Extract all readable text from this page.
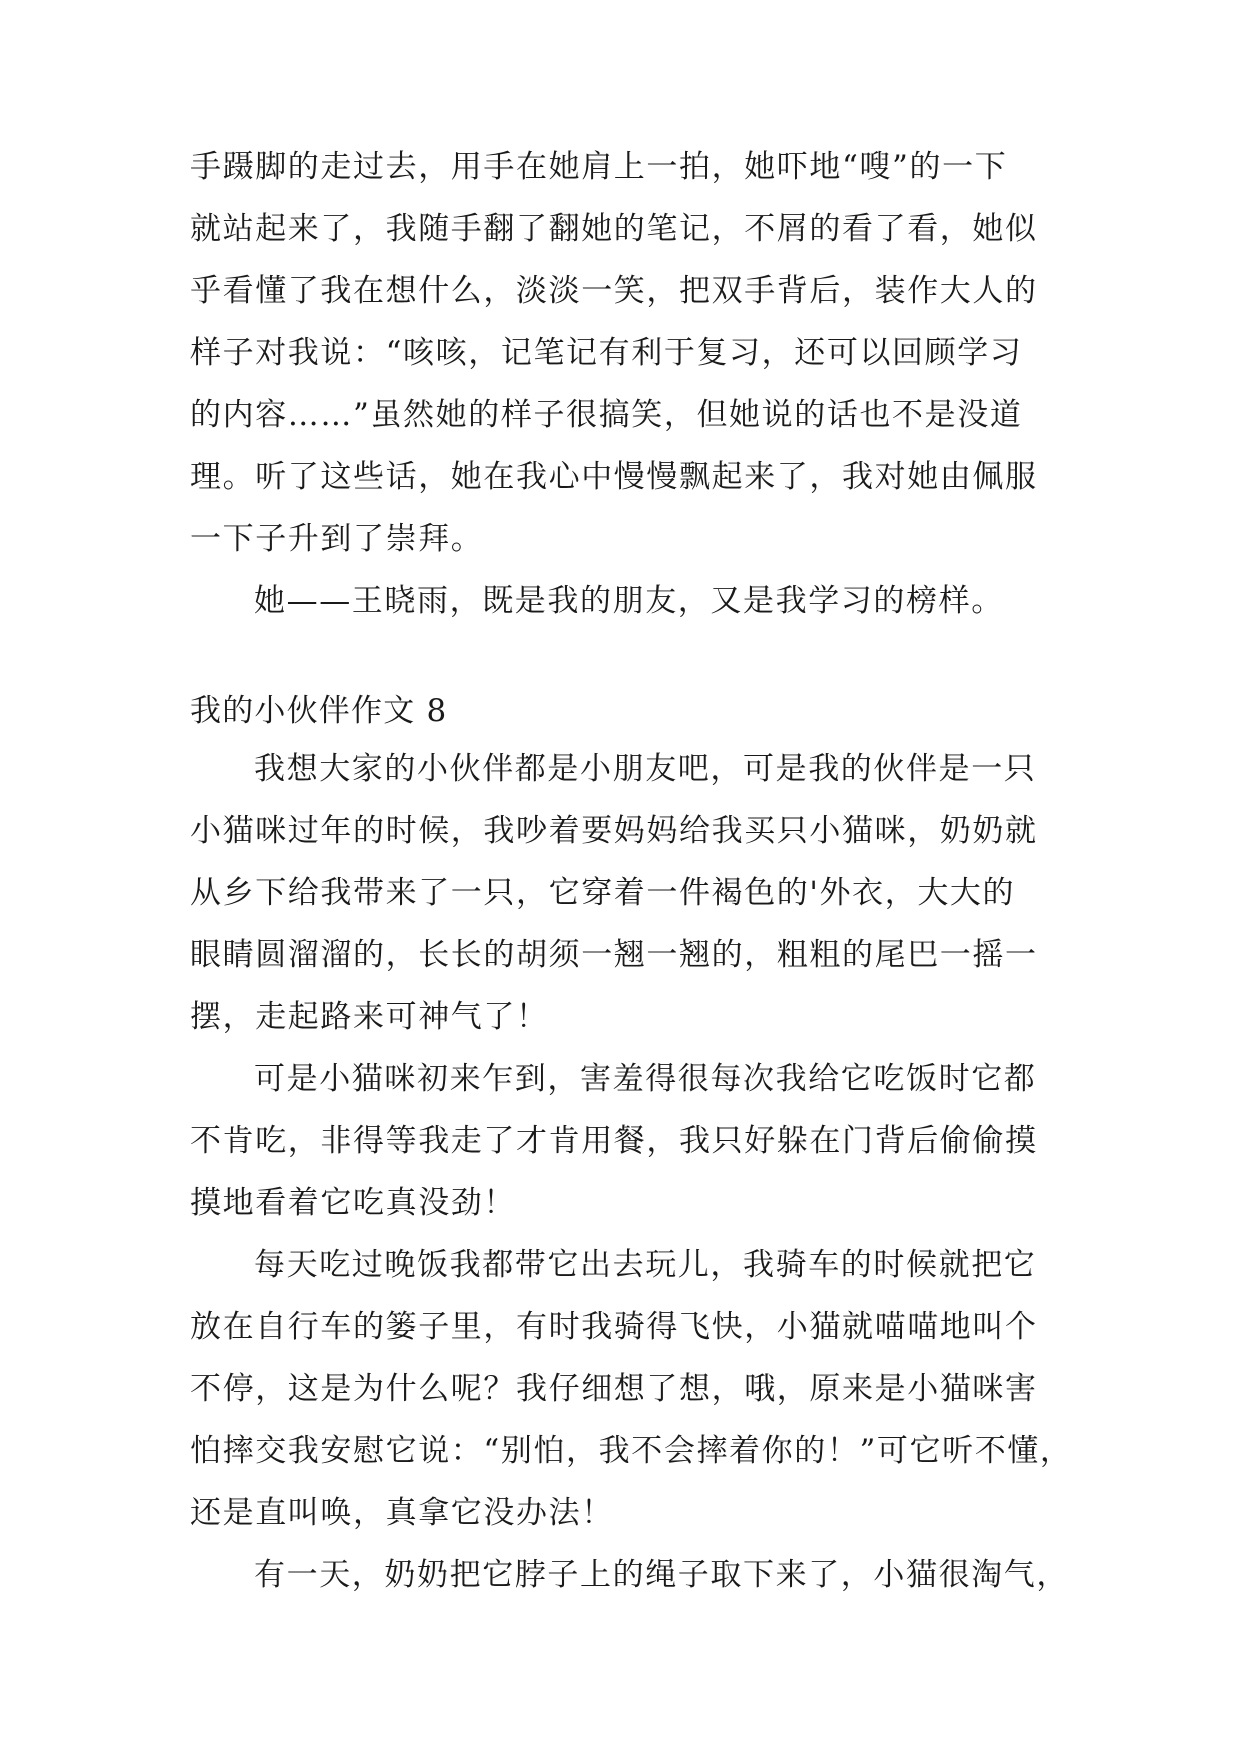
手蹑脚的走过去，用手在她肩上一拍，她吓地“嗖”的一下
就站起来了，我随手翻了翻她的笔记，不屑的看了看，她似
乎看懂了我在想什么，淡淡一笑，把双手背后，装作大人的
样子对我说：“咳咳，记笔记有利于复习，还可以回顾学习
的内容……”虽然她的样子很搞笑，但她说的话也不是没道
理。听了这些话，她在我心中慢慢飘起来了，我对她由佩服
一下子升到了崇拜。
她——王晓雨，既是我的朋友，又是我学习的榜样。
我的小伙伴作文 8
我想大家的小伙伴都是小朋友吧，可是我的伙伴是一只
小猫咪过年的时候，我吵着要妈妈给我买只小猫咪，奶奶就
从乡下给我带来了一只，它穿着一件褐色的'外衣，大大的
眼睛圆溜溜的，长长的胡须一翘一翘的，粗粗的尾巴一摇一
摆，走起路来可神气了！
可是小猫咪初来乍到，害羞得很每次我给它吃饭时它都
不肯吃，非得等我走了才肯用餐，我只好躲在门背后偷偷摸
摸地看着它吃真没劲！
每天吃过晚饭我都带它出去玩儿，我骑车的时候就把它
放在自行车的篓子里，有时我骑得飞快，小猫就喵喵地叫个
不停，这是为什么呢？我仔细想了想，哦，原来是小猫咪害
怕摔交我安慰它说：“别怕，我不会摔着你的！”可它听不懂，
还是直叫唤，真拿它没办法！
有一天，奶奶把它脖子上的绳子取下来了，小猫很淘气，
